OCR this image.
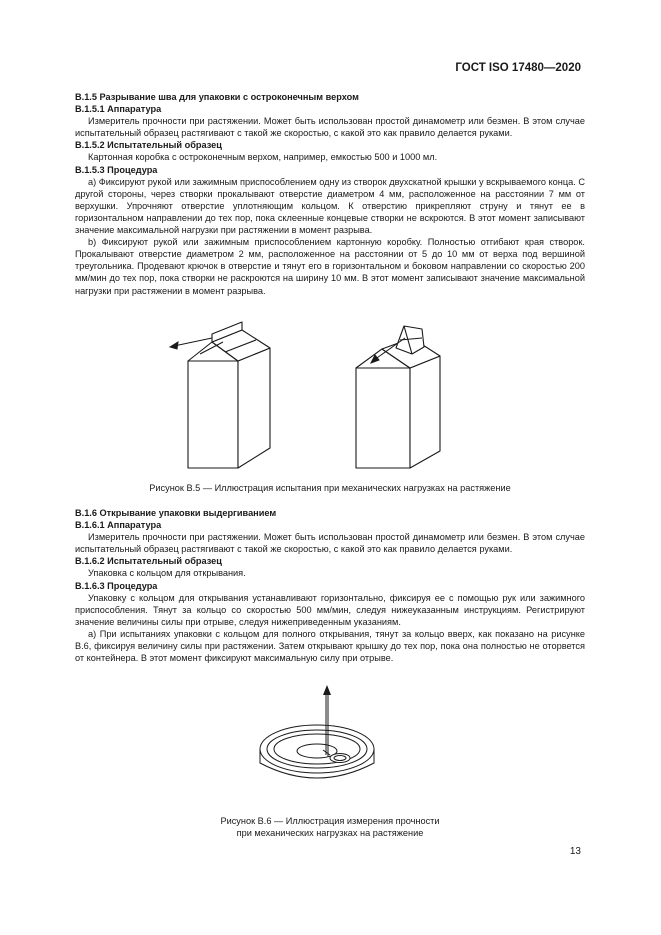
ГОСТ ISO 17480—2020

В.1.5 Разрывание шва для упаковки с остроконечным верхом

В.1.5.1 Аппаратура

Измеритель прочности при растяжении. Может быть использован простой динамометр или безмен. В этом случае испытательный образец растягивают с такой же скоростью, с какой это как правило делается руками.

В.1.5.2 Испытательный образец

Картонная коробка с остроконечным верхом, например, емкостью 500 и 1000 мл.

В.1.5.3 Процедура

а) Фиксируют рукой или зажимным приспособлением одну из створок двухскатной крышки у вскрываемого конца. С другой стороны, через створки прокалывают отверстие диаметром 4 мм, расположенное на расстоянии 7 мм от верхушки. Упрочняют отверстие уплотняющим кольцом. К отверстию прикрепляют струну и тянут ее в горизонтальном направлении до тех пор, пока склеенные концевые створки не вскроются. В этот момент записывают значение максимальной нагрузки при растяжении в момент разрыва.

b) Фиксируют рукой или зажимным приспособлением картонную коробку. Полностью отгибают края створок. Прокалывают отверстие диаметром 2 мм, расположенное на расстоянии от 5 до 10 мм от верха под вершиной треугольника. Продевают крючок в отверстие и тянут его в горизонтальном и боковом направлении со скоростью 200 мм/мин до тех пор, пока створки не раскроются на ширину 10 мм. В этот момент записывают значение максимальной нагрузки при растяжении в момент разрыва.

Рисунок В.5 — Иллюстрация испытания при механических нагрузках на растяжение

В.1.6 Открывание упаковки выдергиванием

В.1.6.1 Аппаратура

Измеритель прочности при растяжении. Может быть использован простой динамометр или безмен. В этом случае испытательный образец растягивают с такой же скоростью, с какой это как правило делается руками.

В.1.6.2 Испытательный образец

Упаковка с кольцом для открывания.

В.1.6.3 Процедура

Упаковку с кольцом для открывания устанавливают горизонтально, фиксируя ее с помощью рук или зажимного приспособления. Тянут за кольцо со скоростью 500 мм/мин, следуя нижеуказанным инструкциям. Регистрируют значение величины силы при отрыве, следуя нижеприведенным указаниям.

а) При испытаниях упаковки с кольцом для полного открывания, тянут за кольцо вверх, как показано на рисунке В.6, фиксируя величину силы при растяжении. Затем открывают крышку до тех пор, пока она полностью не оторвется от контейнера. В этот момент фиксируют максимальную силу при отрыве.

Рисунок В.6 — Иллюстрация измерения прочности
при механических нагрузках на растяжение
13
